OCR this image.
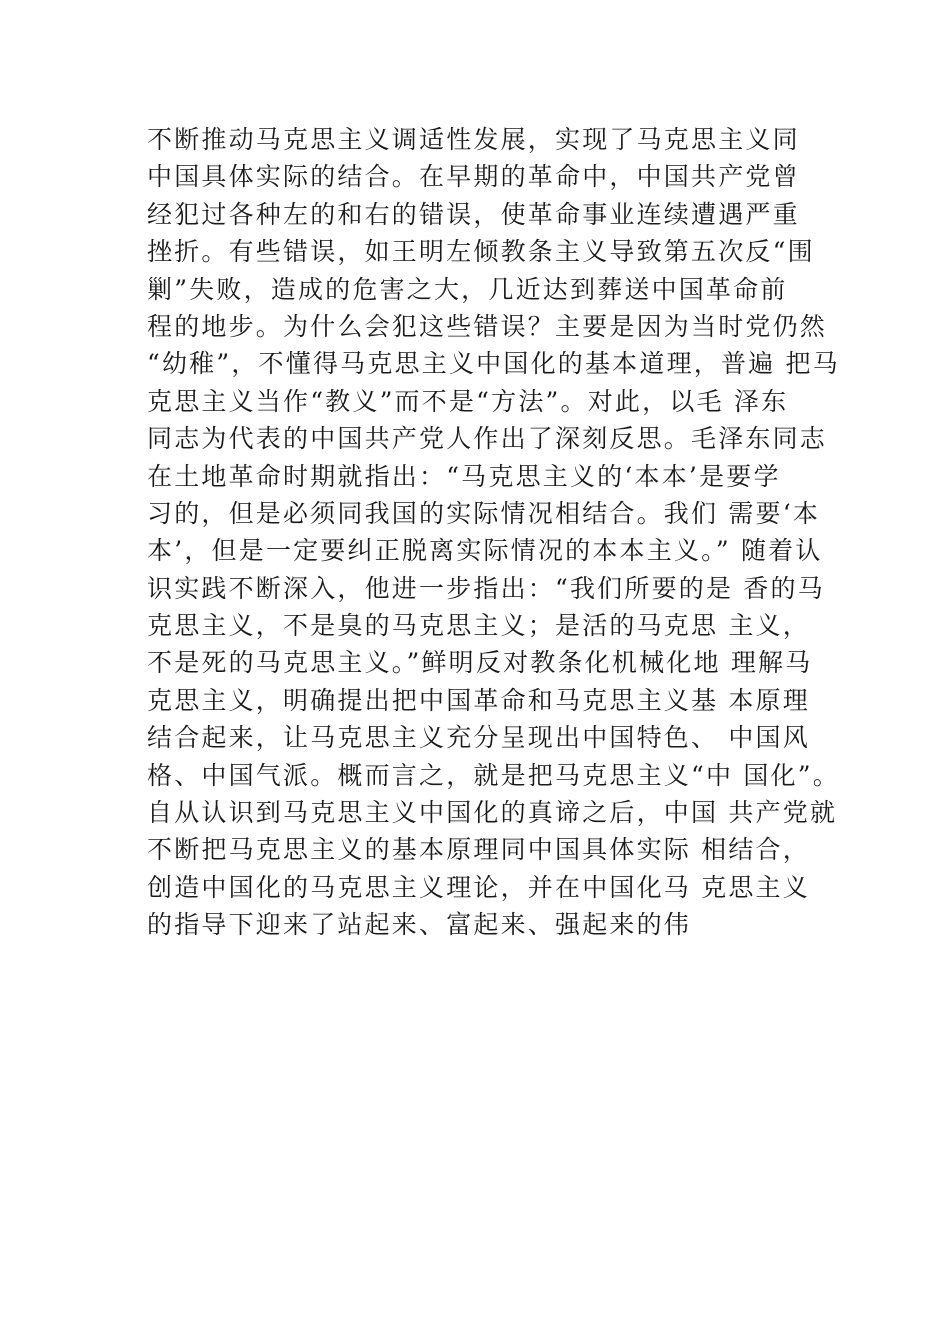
不断推动马克思主义调适性发展，实现了马克思主义同
中国具体实际的结合。在早期的革命中，中国共产党曾
经犯过各种左的和右的错误，使革命事业连续遭遇严重
挫折。有些错误，如王明左倾教条主义导致第五次反“围
剿”失败，造成的危害之大，几近达到葬送中国革命前
程的地步。为什么会犯这些错误？主要是因为当时党仍然
“幼稚”，不懂得马克思主义中国化的基本道理，普遍 把马
克思主义当作“教义”而不是“方法”。对此，以毛 泽东
同志为代表的中国共产党人作出了深刻反思。毛泽东同志
在土地革命时期就指出：“马克思主义的‘本本’是要学
习的，但是必须同我国的实际情况相结合。我们 需要‘本
本’，但是一定要纠正脱离实际情况的本本主义。” 随着认
识实践不断深入，他进一步指出：“我们所要的是 香的马
克思主义，不是臭的马克思主义；是活的马克思 主义，
不是死的马克思主义。”鲜明反对教条化机械化地 理解马
克思主义，明确提出把中国革命和马克思主义基 本原理
结合起来，让马克思主义充分呈现出中国特色、 中国风
格、中国气派。概而言之，就是把马克思主义“中 国化”。
自从认识到马克思主义中国化的真谛之后，中国 共产党就
不断把马克思主义的基本原理同中国具体实际 相结合，
创造中国化的马克思主义理论，并在中国化马 克思主义
的指导下迎来了站起来、富起来、强起来的伟
